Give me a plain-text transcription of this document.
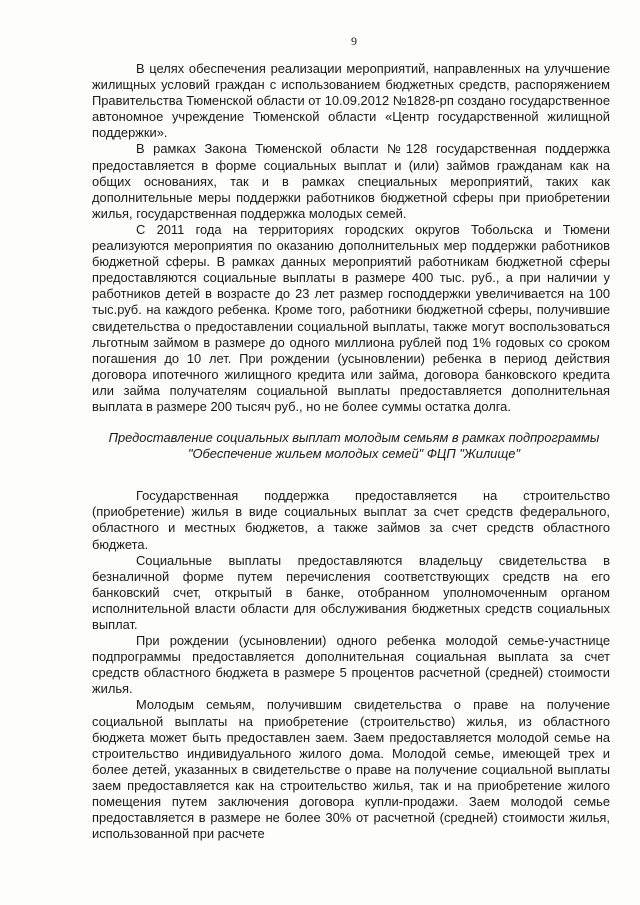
9

В целях обеспечения реализации мероприятий, направленных на улучшение жилищных условий граждан с использованием бюджетных средств, распоряжением Правительства Тюменской области от 10.09.2012 №1828-рп создано государственное автономное учреждение Тюменской области «Центр государственной жилищной поддержки».

В рамках Закона Тюменской области №128 государственная поддержка предоставляется в форме социальных выплат и (или) займов гражданам как на общих основаниях, так и в рамках специальных мероприятий, таких как дополнительные меры поддержки работников бюджетной сферы при приобретении жилья, государственная поддержка молодых семей.

С 2011 года на территориях городских округов Тобольска и Тюмени реализуются мероприятия по оказанию дополнительных мер поддержки работников бюджетной сферы. В рамках данных мероприятий работникам бюджетной сферы предоставляются социальные выплаты в размере 400 тыс. руб., а при наличии у работников детей в возрасте до 23 лет размер господдержки увеличивается на 100 тыс.руб. на каждого ребенка. Кроме того, работники бюджетной сферы, получившие свидетельства о предоставлении социальной выплаты, также могут воспользоваться льготным займом в размере до одного миллиона рублей под 1% годовых со сроком погашения до 10 лет. При рождении (усыновлении) ребенка в период действия договора ипотечного жилищного кредита или займа, договора банковского кредита или займа получателям социальной выплаты предоставляется дополнительная выплата в размере 200 тысяч руб., но не более суммы остатка долга.

Предоставление социальных выплат молодым семьям в рамках подпрограммы "Обеспечение жильем молодых семей" ФЦП "Жилище"

Государственная поддержка предоставляется на строительство (приобретение) жилья в виде социальных выплат за счет средств федерального, областного и местных бюджетов, а также займов за счет средств областного бюджета.

Социальные выплаты предоставляются владельцу свидетельства в безналичной форме путем перечисления соответствующих средств на его банковский счет, открытый в банке, отобранном уполномоченным органом исполнительной власти области для обслуживания бюджетных средств социальных выплат.

При рождении (усыновлении) одного ребенка молодой семье-участнице подпрограммы предоставляется дополнительная социальная выплата за счет средств областного бюджета в размере 5 процентов расчетной (средней) стоимости жилья.

Молодым семьям, получившим свидетельства о праве на получение социальной выплаты на приобретение (строительство) жилья, из областного бюджета может быть предоставлен заем. Заем предоставляется молодой семье на строительство индивидуального жилого дома. Молодой семье, имеющей трех и более детей, указанных в свидетельстве о праве на получение социальной выплаты заем предоставляется как на строительство жилья, так и на приобретение жилого помещения путем заключения договора купли-продажи. Заем молодой семье предоставляется в размере не более 30% от расчетной (средней) стоимости жилья, использованной при расчете
